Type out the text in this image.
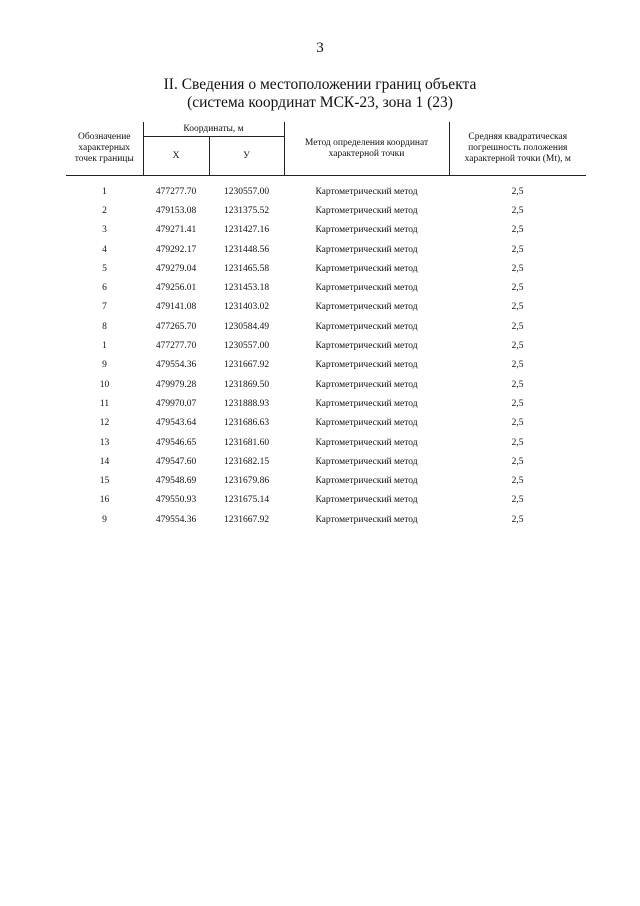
3
II. Сведения о местоположении границ объекта
(система координат МСК-23, зона 1 (23)
Обозначение характерных точек границы	Координаты, м		Метод определения координат характерной точки	Средняя квадратическая погрешность положения характерной точки (Мt), м
	X	У		
1	477277.70	1230557.00	Картометрический метод	2,5
2	479153.08	1231375.52	Картометрический метод	2,5
3	479271.41	1231427.16	Картометрический метод	2,5
4	479292.17	1231448.56	Картометрический метод	2,5
5	479279.04	1231465.58	Картометрический метод	2,5
6	479256.01	1231453.18	Картометрический метод	2,5
7	479141.08	1231403.02	Картометрический метод	2,5
8	477265.70	1230584.49	Картометрический метод	2,5
1	477277.70	1230557.00	Картометрический метод	2,5
9	479554.36	1231667.92	Картометрический метод	2,5
10	479979.28	1231869.50	Картометрический метод	2,5
11	479970.07	1231888.93	Картометрический метод	2,5
12	479543.64	1231686.63	Картометрический метод	2,5
13	479546.65	1231681.60	Картометрический метод	2,5
14	479547.60	1231682.15	Картометрический метод	2,5
15	479548.69	1231679.86	Картометрический метод	2,5
16	479550.93	1231675.14	Картометрический метод	2,5
9	479554.36	1231667.92	Картометрический метод	2,5
